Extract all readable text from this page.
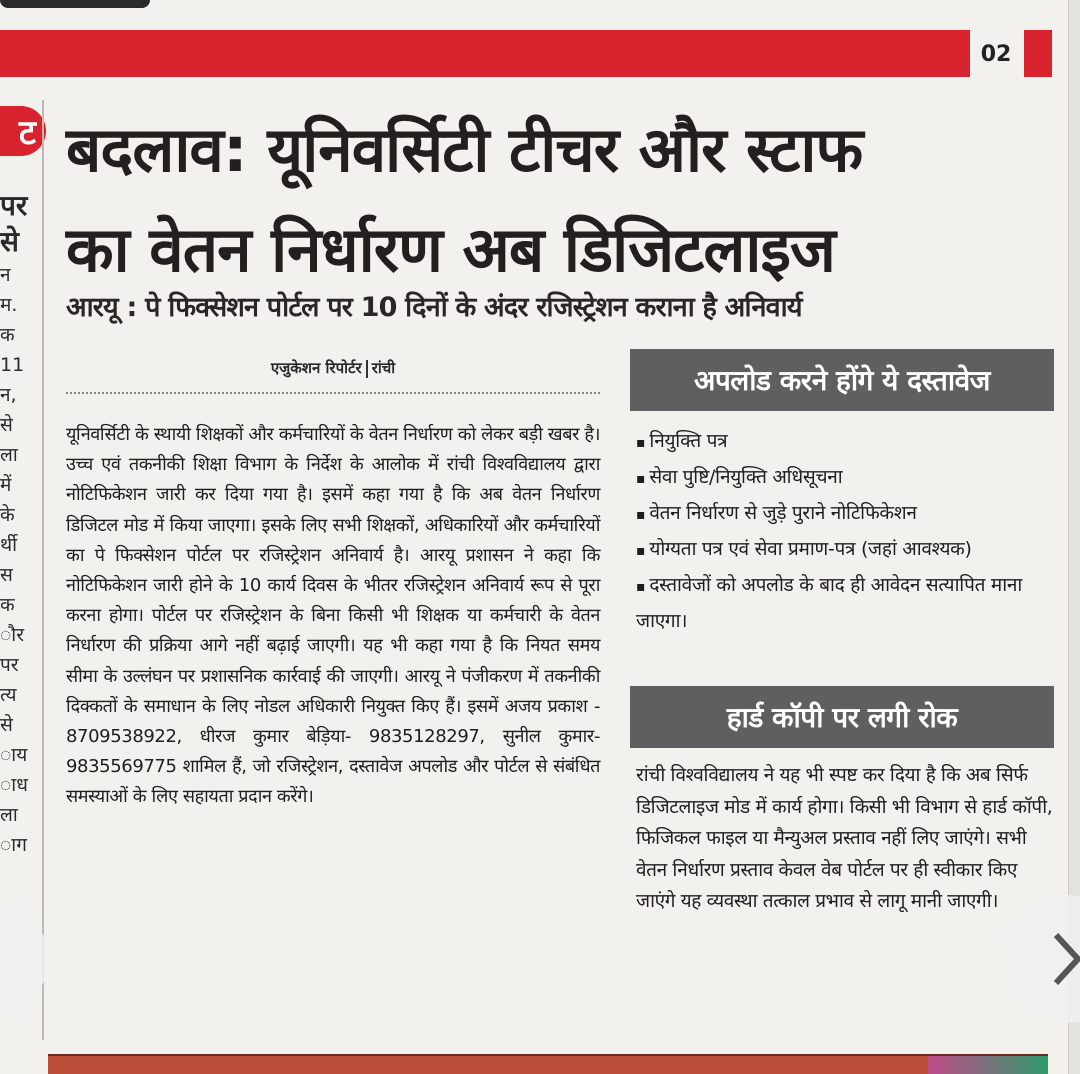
02
ट
पर
से
न
म.
क
11
न,
से
ला
में
के
र्थी
स
क
ौर
पर
त्य
से
ाय
ाध
ला
ाग
बदलाव: यूनिवर्सिटी टीचर और स्टाफ
का वेतन निर्धारण अब डिजिटलाइज
आरयू : पे फिक्सेशन पोर्टल पर 10 दिनों के अंदर रजिस्ट्रेशन कराना है अनिवार्य
एजुकेशन रिपोर्टर रांची

यूनिवर्सिटी के स्थायी शिक्षकों और कर्मचारियों के वेतन निर्धारण को लेकर बड़ी खबर है। उच्च एवं तकनीकी शिक्षा विभाग के निर्देश के आलोक में रांची विश्वविद्यालय द्वारा नोटिफिकेशन जारी कर दिया गया है। इसमें कहा गया है कि अब वेतन निर्धारण डिजिटल मोड में किया जाएगा। इसके लिए सभी शिक्षकों, अधिकारियों और कर्मचारियों का पे फिक्सेशन पोर्टल पर रजिस्ट्रेशन अनिवार्य है। आरयू प्रशासन ने कहा कि नोटिफिकेशन जारी होने के 10 कार्य दिवस के भीतर रजिस्ट्रेशन अनिवार्य रूप से पूरा करना होगा। पोर्टल पर रजिस्ट्रेशन के बिना किसी भी शिक्षक या कर्मचारी के वेतन निर्धारण की प्रक्रिया आगे नहीं बढ़ाई जाएगी। यह भी कहा गया है कि नियत समय सीमा के उल्लंघन पर प्रशासनिक कार्रवाई की जाएगी। आरयू ने पंजीकरण में तकनीकी दिक्कतों के समाधान के लिए नोडल अधिकारी नियुक्त किए हैं। इसमें अजय प्रकाश - 8709538922, धीरज कुमार बेड़िया- 9835128297, सुनील कुमार- 9835569775 शामिल हैं, जो रजिस्ट्रेशन, दस्तावेज अपलोड और पोर्टल से संबंधित समस्याओं के लिए सहायता प्रदान करेंगे।

अपलोड करने होंगे ये दस्तावेज
▪ नियुक्ति पत्र
▪ सेवा पुष्टि/नियुक्ति अधिसूचना
▪ वेतन निर्धारण से जुड़े पुराने नोटिफिकेशन
▪ योग्यता पत्र एवं सेवा प्रमाण-पत्र (जहां आवश्यक)
▪ दस्तावेजों को अपलोड के बाद ही आवेदन सत्यापित माना जाएगा।
हार्ड कॉपी पर लगी रोक

रांची विश्वविद्यालय ने यह भी स्पष्ट कर दिया है कि अब सिर्फ डिजिटलाइज मोड में कार्य होगा। किसी भी विभाग से हार्ड कॉपी, फिजिकल फाइल या मैन्युअल प्रस्ताव नहीं लिए जाएंगे। सभी वेतन निर्धारण प्रस्ताव केवल वेब पोर्टल पर ही स्वीकार किए जाएंगे यह व्यवस्था तत्काल प्रभाव से लागू मानी जाएगी।
